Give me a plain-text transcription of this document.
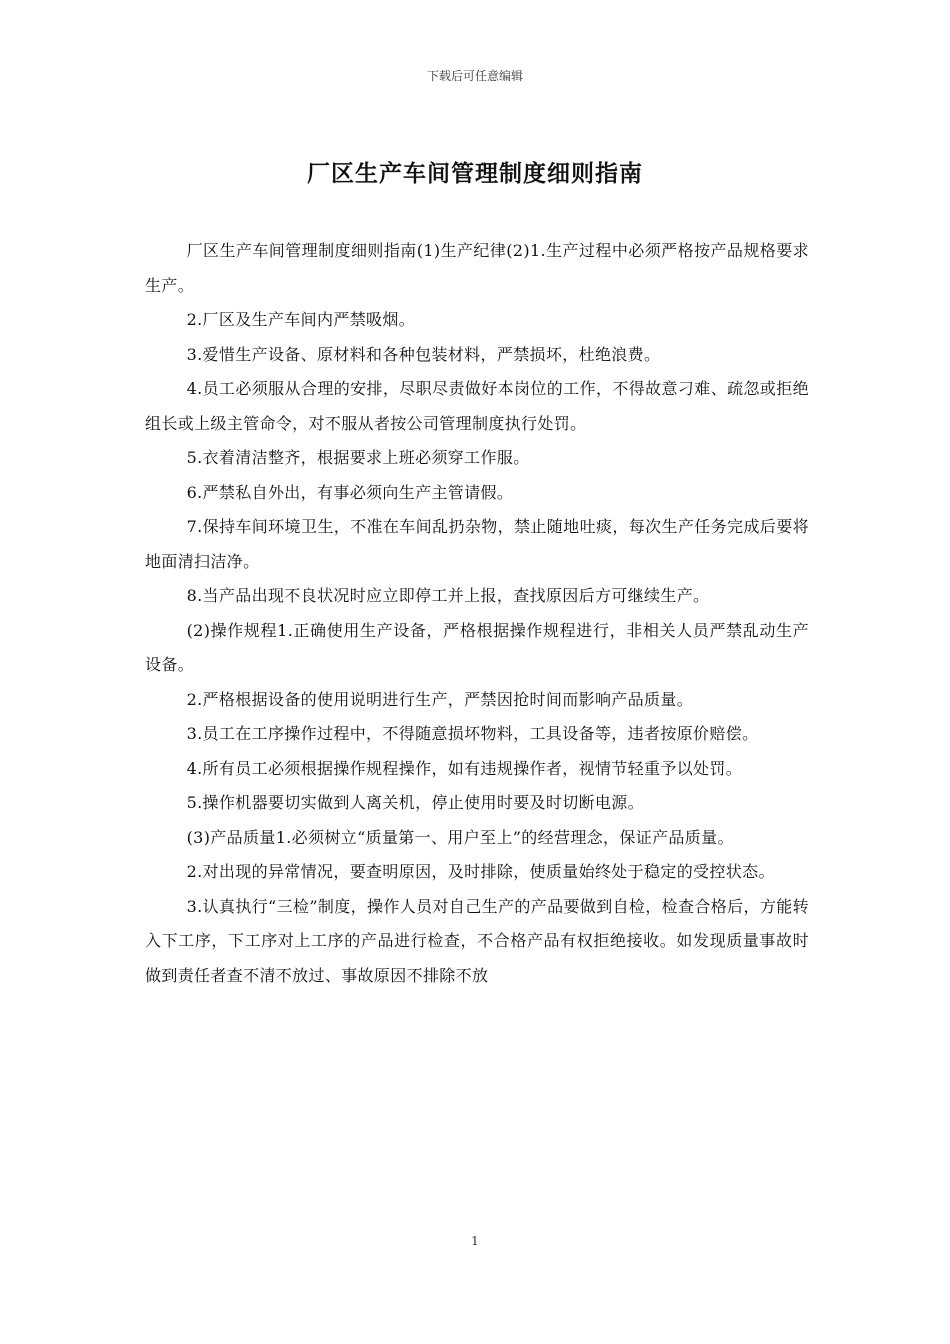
下载后可任意编辑
厂区生产车间管理制度细则指南

厂区生产车间管理制度细则指南(1)生产纪律(2)1.生产过程中必须严格按产品规格要求生产。

2.厂区及生产车间内严禁吸烟。

3.爱惜生产设备、原材料和各种包装材料，严禁损坏，杜绝浪费。

4.员工必须服从合理的安排，尽职尽责做好本岗位的工作，不得故意刁难、疏忽或拒绝组长或上级主管命令，对不服从者按公司管理制度执行处罚。

5.衣着清洁整齐，根据要求上班必须穿工作服。

6.严禁私自外出，有事必须向生产主管请假。

7.保持车间环境卫生，不准在车间乱扔杂物，禁止随地吐痰，每次生产任务完成后要将地面清扫洁净。

8.当产品出现不良状况时应立即停工并上报，查找原因后方可继续生产。

(2)操作规程1.正确使用生产设备，严格根据操作规程进行，非相关人员严禁乱动生产设备。

2.严格根据设备的使用说明进行生产，严禁因抢时间而影响产品质量。

3.员工在工序操作过程中，不得随意损坏物料，工具设备等，违者按原价赔偿。

4.所有员工必须根据操作规程操作，如有违规操作者，视情节轻重予以处罚。

5.操作机器要切实做到人离关机，停止使用时要及时切断电源。

(3)产品质量1.必须树立“质量第一、用户至上”的经营理念，保证产品质量。

2.对出现的异常情况，要查明原因，及时排除，使质量始终处于稳定的受控状态。

3.认真执行“三检”制度，操作人员对自己生产的产品要做到自检，检查合格后，方能转入下工序，下工序对上工序的产品进行检查，不合格产品有权拒绝接收。如发现质量事故时做到责任者查不清不放过、事故原因不排除不放

1
